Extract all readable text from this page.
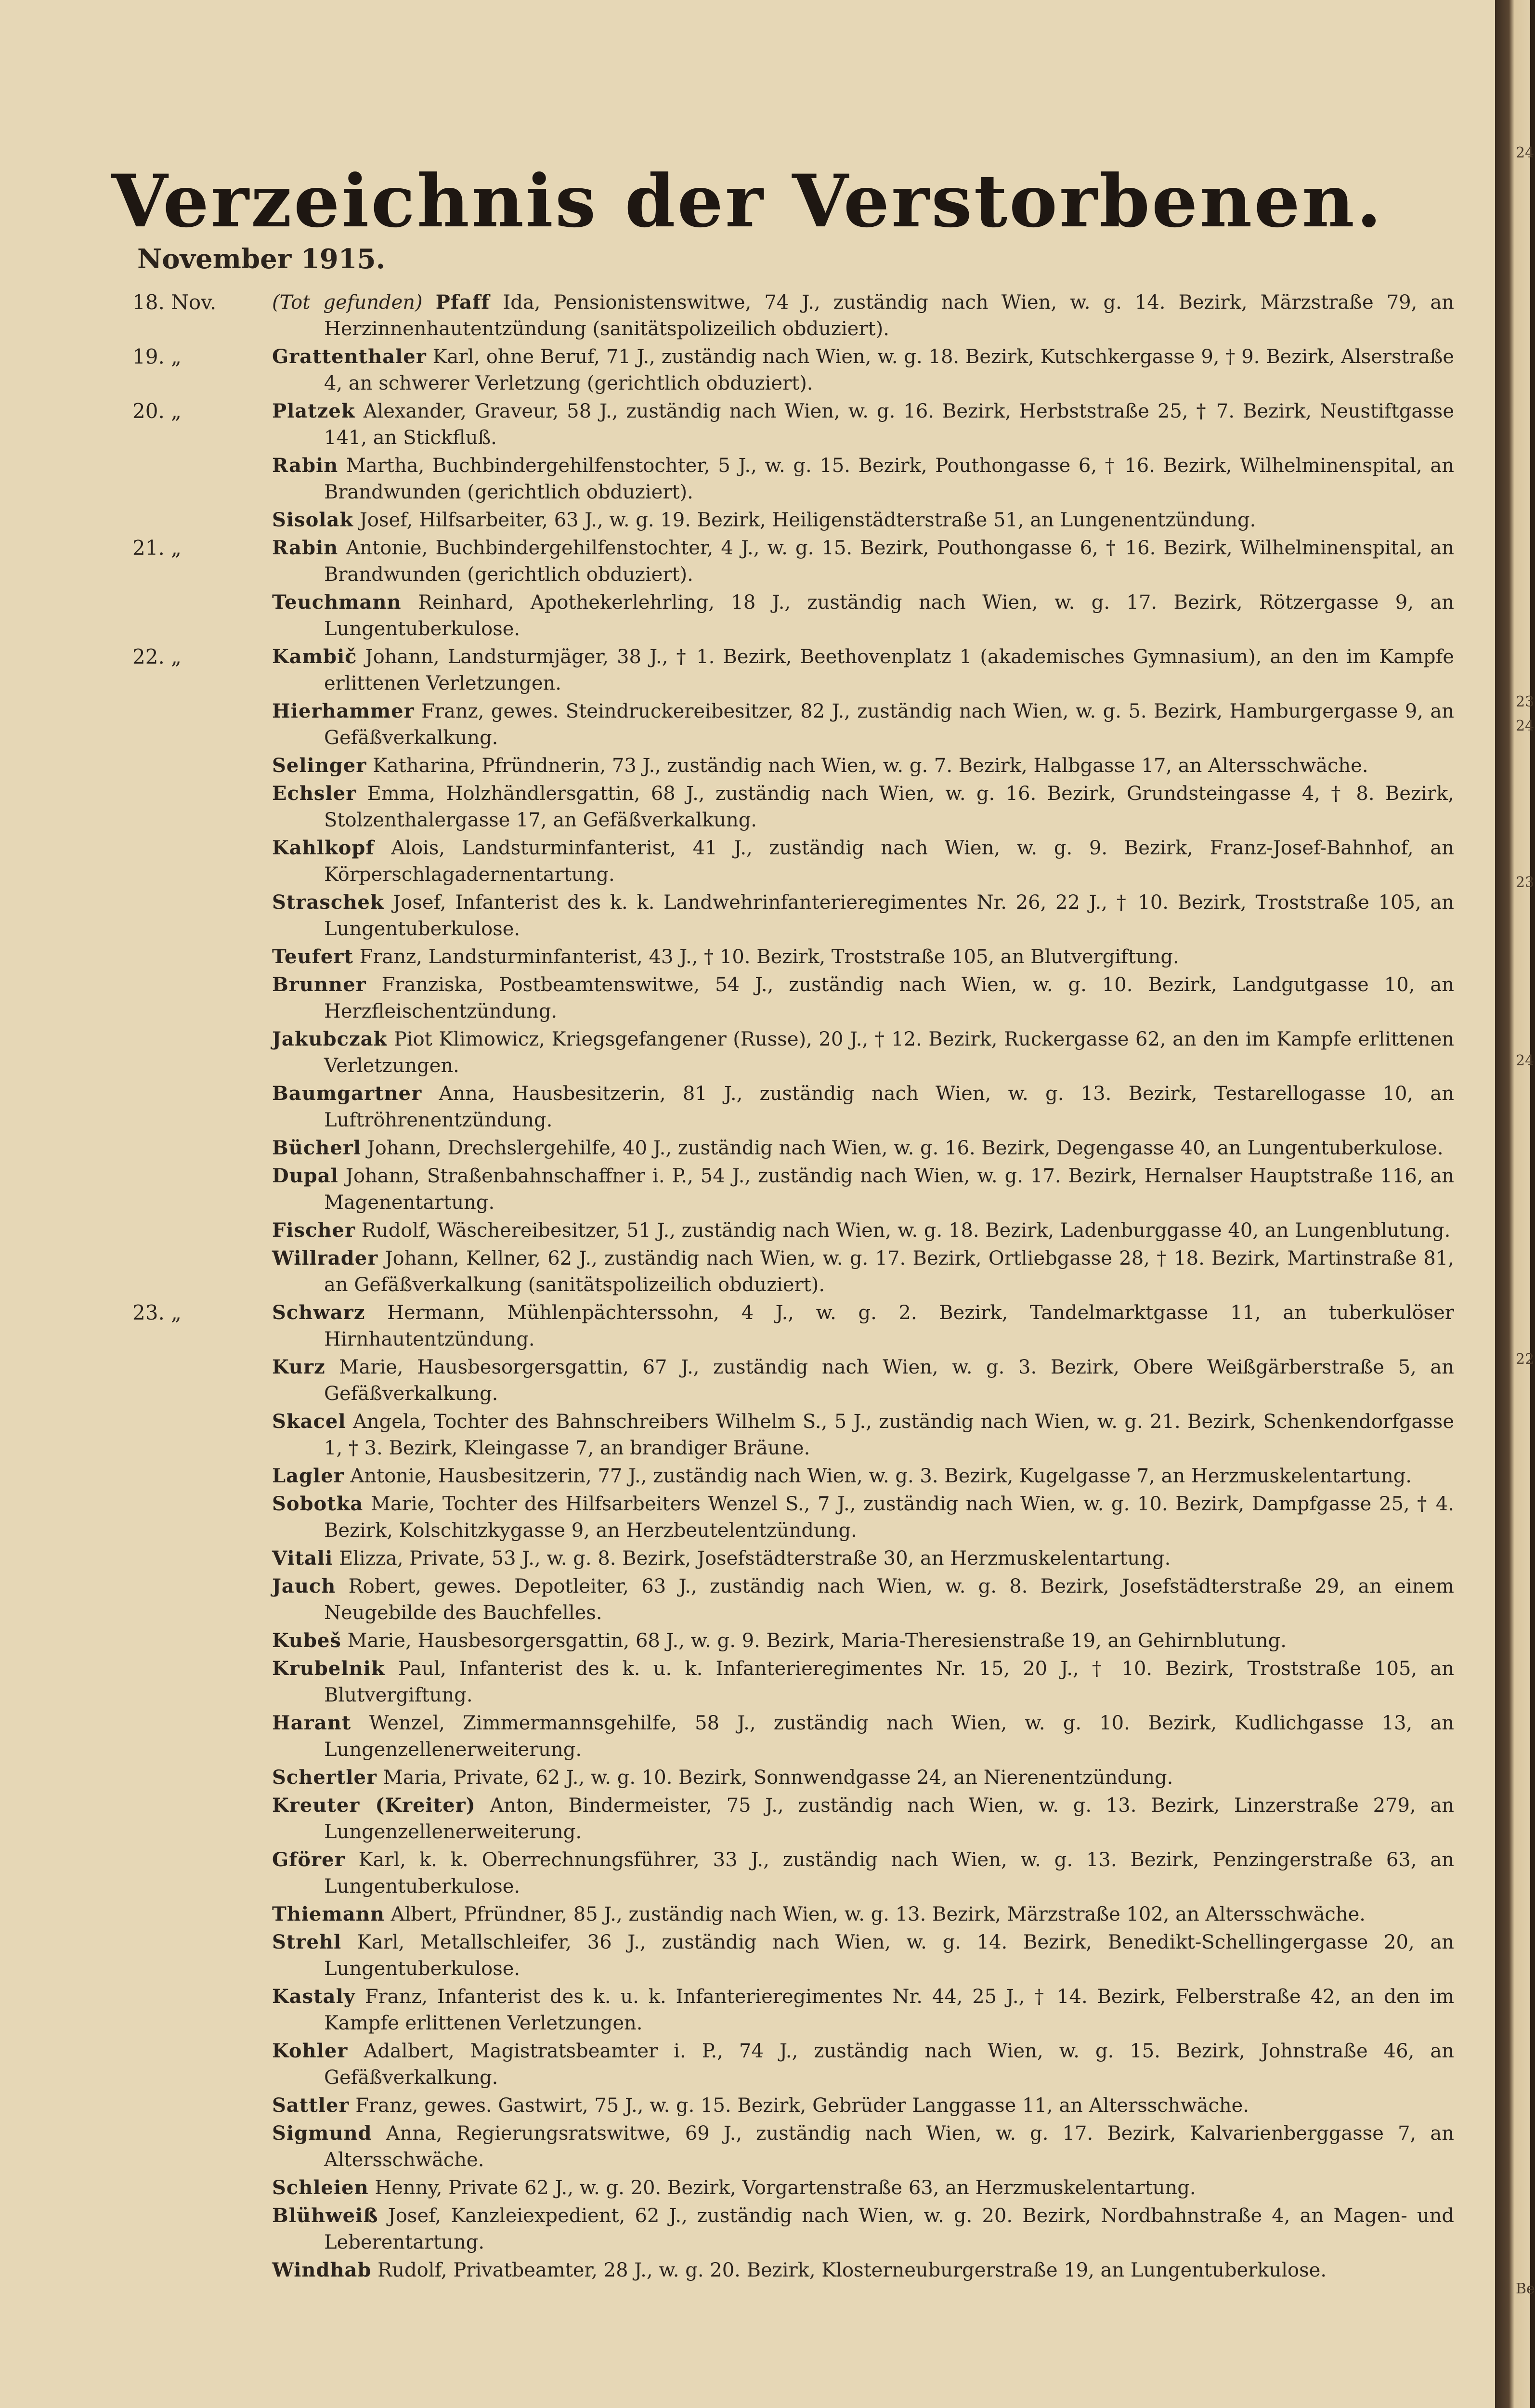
Verzeichnis der Verstorbenen.
November 1915.
18. Nov.	(Tot gefunden) Pfaff Ida, Pensionistenswitwe, 74 J., zuständig nach Wien, w. g. 14. Bezirk, Märzstraße 79, an Herzinnenhautentzündung (sanitätspolizeilich obduziert).
19. „	Grattenthaler Karl, ohne Beruf, 71 J., zuständig nach Wien, w. g. 18. Bezirk, Kutschkergasse 9, † 9. Bezirk, Alserstraße 4, an schwerer Verletzung (gerichtlich obduziert).
20. „	Platzek Alexander, Graveur, 58 J., zuständig nach Wien, w. g. 16. Bezirk, Herbststraße 25, † 7. Bezirk, Neustiftgasse 141, an Stickfluß.
Rabin Martha, Buchbindergehilfenstochter, 5 J., w. g. 15. Bezirk, Pouthongasse 6, † 16. Bezirk, Wilhelminenspital, an Brandwunden (gerichtlich obduziert).
Sisolak Josef, Hilfsarbeiter, 63 J., w. g. 19. Bezirk, Heiligenstädterstraße 51, an Lungenentzündung.
21. „	Rabin Antonie, Buchbindergehilfenstochter, 4 J., w. g. 15. Bezirk, Pouthongasse 6, † 16. Bezirk, Wilhelminenspital, an Brandwunden (gerichtlich obduziert).
Teuchmann Reinhard, Apothekerlehrling, 18 J., zuständig nach Wien, w. g. 17. Bezirk, Rötzergasse 9, an Lungentuberkulose.
22. „	Kambič Johann, Landsturmjäger, 38 J., † 1. Bezirk, Beethovenplatz 1 (akademisches Gymnasium), an den im Kampfe erlittenen Verletzungen.
Hierhammer Franz, gewes. Steindruckereibesitzer, 82 J., zuständig nach Wien, w. g. 5. Bezirk, Hamburgergasse 9, an Gefäßverkalkung.
Selinger Katharina, Pfründnerin, 73 J., zuständig nach Wien, w. g. 7. Bezirk, Halbgasse 17, an Altersschwäche.
Echsler Emma, Holzhändlersgattin, 68 J., zuständig nach Wien, w. g. 16. Bezirk, Grundsteingasse 4, † 8. Bezirk, Stolzenthalergasse 17, an Gefäßverkalkung.
Kahlkopf Alois, Landsturminfanterist, 41 J., zuständig nach Wien, w. g. 9. Bezirk, Franz-Josef-Bahnhof, an Körperschlagadernentartung.
Straschek Josef, Infanterist des k. k. Landwehrinfanterieregimentes Nr. 26, 22 J., † 10. Bezirk, Troststraße 105, an Lungentuberkulose.
Teufert Franz, Landsturminfanterist, 43 J., † 10. Bezirk, Troststraße 105, an Blutvergiftung.
Brunner Franziska, Postbeamtenswitwe, 54 J., zuständig nach Wien, w. g. 10. Bezirk, Landgutgasse 10, an Herzfleischentzündung.
Jakubczak Piot Klimowicz, Kriegsgefangener (Russe), 20 J., † 12. Bezirk, Ruckergasse 62, an den im Kampfe erlittenen Verletzungen.
Baumgartner Anna, Hausbesitzerin, 81 J., zuständig nach Wien, w. g. 13. Bezirk, Testarellogasse 10, an Luftröhrenentzündung.
Bücherl Johann, Drechslergehilfe, 40 J., zuständig nach Wien, w. g. 16. Bezirk, Degengasse 40, an Lungentuberkulose.
Dupal Johann, Straßenbahnschaffner i. P., 54 J., zuständig nach Wien, w. g. 17. Bezirk, Hernalser Hauptstraße 116, an Magenentartung.
Fischer Rudolf, Wäschereibesitzer, 51 J., zuständig nach Wien, w. g. 18. Bezirk, Ladenburggasse 40, an Lungenblutung.
Willrader Johann, Kellner, 62 J., zuständig nach Wien, w. g. 17. Bezirk, Ortliebgasse 28, † 18. Bezirk, Martinstraße 81, an Gefäßverkalkung (sanitätspolizeilich obduziert).
23. „	Schwarz Hermann, Mühlenpächterssohn, 4 J., w. g. 2. Bezirk, Tandelmarktgasse 11, an tuberkulöser Hirnhautentzündung.
Kurz Marie, Hausbesorgersgattin, 67 J., zuständig nach Wien, w. g. 3. Bezirk, Obere Weißgärberstraße 5, an Gefäßverkalkung.
Skacel Angela, Tochter des Bahnschreibers Wilhelm S., 5 J., zuständig nach Wien, w. g. 21. Bezirk, Schenkendorfgasse 1, † 3. Bezirk, Kleingasse 7, an brandiger Bräune.
Lagler Antonie, Hausbesitzerin, 77 J., zuständig nach Wien, w. g. 3. Bezirk, Kugelgasse 7, an Herzmuskelentartung.
Sobotka Marie, Tochter des Hilfsarbeiters Wenzel S., 7 J., zuständig nach Wien, w. g. 10. Bezirk, Dampfgasse 25, † 4. Bezirk, Kolschitzkygasse 9, an Herzbeutelentzündung.
Vitali Elizza, Private, 53 J., w. g. 8. Bezirk, Josefstädterstraße 30, an Herzmuskelentartung.
Jauch Robert, gewes. Depotleiter, 63 J., zuständig nach Wien, w. g. 8. Bezirk, Josefstädterstraße 29, an einem Neugebilde des Bauchfelles.
Kubeš Marie, Hausbesorgersgattin, 68 J., w. g. 9. Bezirk, Maria-Theresienstraße 19, an Gehirnblutung.
Krubelnik Paul, Infanterist des k. u. k. Infanterieregimentes Nr. 15, 20 J., † 10. Bezirk, Troststraße 105, an Blutvergiftung.
Harant Wenzel, Zimmermannsgehilfe, 58 J., zuständig nach Wien, w. g. 10. Bezirk, Kudlichgasse 13, an Lungenzellenerweiterung.
Schertler Maria, Private, 62 J., w. g. 10. Bezirk, Sonnwendgasse 24, an Nierenentzündung.
Kreuter (Kreiter) Anton, Bindermeister, 75 J., zuständig nach Wien, w. g. 13. Bezirk, Linzerstraße 279, an Lungenzellenerweiterung.
Gförer Karl, k. k. Oberrechnungsführer, 33 J., zuständig nach Wien, w. g. 13. Bezirk, Penzingerstraße 63, an Lungentuberkulose.
Thiemann Albert, Pfründner, 85 J., zuständig nach Wien, w. g. 13. Bezirk, Märzstraße 102, an Altersschwäche.
Strehl Karl, Metallschleifer, 36 J., zuständig nach Wien, w. g. 14. Bezirk, Benedikt-Schellingergasse 20, an Lungentuberkulose.
Kastaly Franz, Infanterist des k. u. k. Infanterieregimentes Nr. 44, 25 J., † 14. Bezirk, Felberstraße 42, an den im Kampfe erlittenen Verletzungen.
Kohler Adalbert, Magistratsbeamter i. P., 74 J., zuständig nach Wien, w. g. 15. Bezirk, Johnstraße 46, an Gefäßverkalkung.
Sattler Franz, gewes. Gastwirt, 75 J., w. g. 15. Bezirk, Gebrüder Langgasse 11, an Altersschwäche.
Sigmund Anna, Regierungsratswitwe, 69 J., zuständig nach Wien, w. g. 17. Bezirk, Kalvarienberggasse 7, an Altersschwäche.
Schleien Henny, Private 62 J., w. g. 20. Bezirk, Vorgartenstraße 63, an Herzmuskelentartung.
Blühweiß Josef, Kanzleiexpedient, 62 J., zuständig nach Wien, w. g. 20. Bezirk, Nordbahnstraße 4, an Magen- und Leberentartung.
Windhab Rudolf, Privatbeamter, 28 J., w. g. 20. Bezirk, Klosterneuburgerstraße 19, an Lungentuberkulose.
24
23
24
23
24
22
Be
